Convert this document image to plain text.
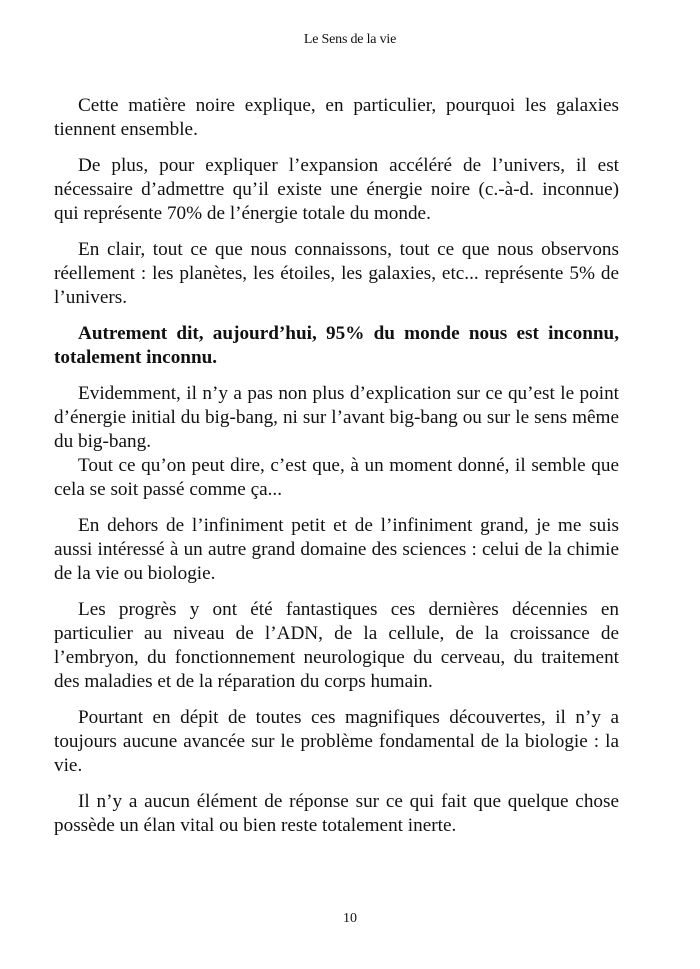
Le Sens de la vie

Cette matière noire explique, en particulier, pourquoi les galaxies tiennent ensemble.

De plus, pour expliquer l’expansion accéléré de l’univers, il est nécessaire d’admettre qu’il existe une énergie noire (c.-à-d. inconnue) qui représente 70% de l’énergie totale du monde.

En clair, tout ce que nous connaissons, tout ce que nous observons réellement : les planètes, les étoiles, les galaxies, etc... représente 5% de l’univers.

Autrement dit, aujourd’hui, 95% du monde nous est inconnu, totalement inconnu.

Evidemment, il n’y a pas non plus d’explication sur ce qu’est le point d’énergie initial du big-bang, ni sur l’avant big-bang ou sur le sens même du big-bang.

Tout ce qu’on peut dire, c’est que, à un moment donné, il semble que cela se soit passé comme ça...

En dehors de l’infiniment petit et de l’infiniment grand, je me suis aussi intéressé à un autre grand domaine des sciences : celui de la chimie de la vie ou biologie.

Les progrès y ont été fantastiques ces dernières décennies en particulier au niveau de l’ADN, de la cellule, de la croissance de l’embryon, du fonctionnement neurologique du cerveau, du traitement des maladies et de la réparation du corps humain.

Pourtant en dépit de toutes ces magnifiques découvertes, il n’y a toujours aucune avancée sur le problème fondamental de la biologie : la vie.

Il n’y a aucun élément de réponse sur ce qui fait que quelque chose possède un élan vital ou bien reste totalement inerte.

10
